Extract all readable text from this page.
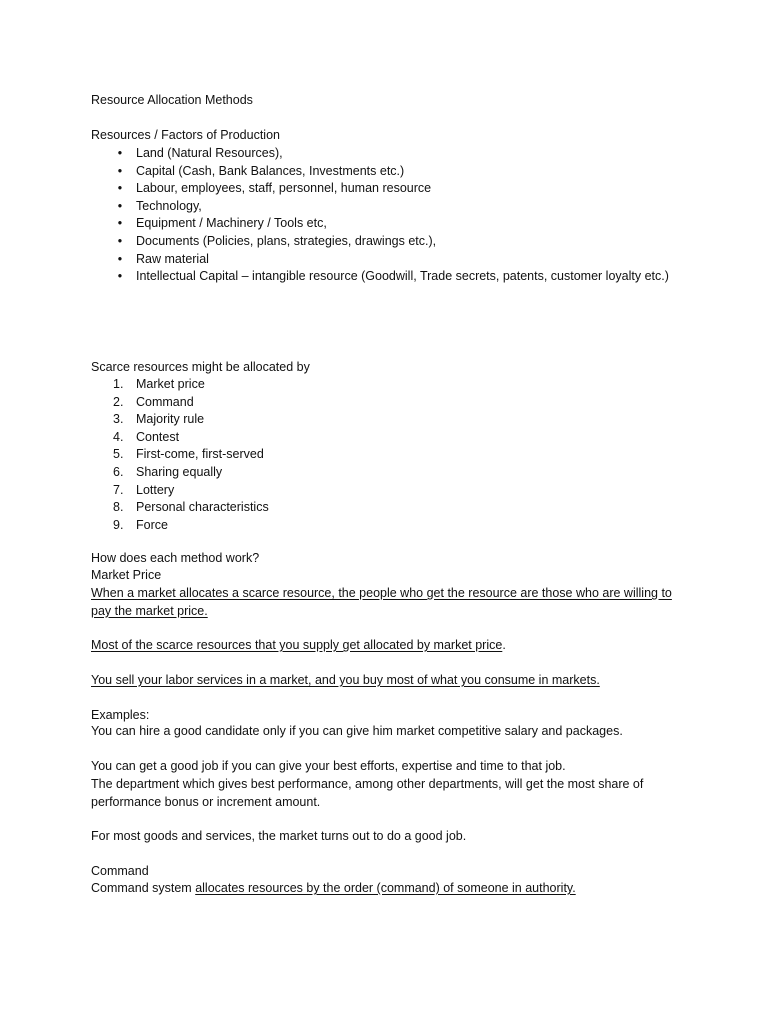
Resource Allocation Methods

Resources / Factors of Production

•	Land (Natural Resources),
•	Capital (Cash, Bank Balances, Investments etc.)
•	Labour, employees, staff, personnel, human resource
•	Technology,
•	Equipment / Machinery / Tools etc,
•	Documents (Policies, plans, strategies, drawings etc.),
•	Raw material
•	Intellectual Capital – intangible resource (Goodwill, Trade secrets, patents, customer loyalty etc.)

Scarce resources might be allocated by

1.	Market price
2.	Command
3.	Majority rule
4.	Contest
5.	First-come, first-served
6.	Sharing equally
7.	Lottery
8.	Personal characteristics
9.	Force

How does each method work?

Market Price

When a market allocates a scarce resource, the people who get the resource are those who are willing to pay the market price.

Most of the scarce resources that you supply get allocated by market price.

You sell your labor services in a market, and you buy most of what you consume in markets.

Examples:

You can hire a good candidate only if you can give him market competitive salary and packages.

You can get a good job if you can give your best efforts, expertise and time to that job.

The department which gives best performance, among other departments, will get the most share of performance bonus or increment amount.

For most goods and services, the market turns out to do a good job.

Command

Command system allocates resources by the order (command) of someone in authority.
